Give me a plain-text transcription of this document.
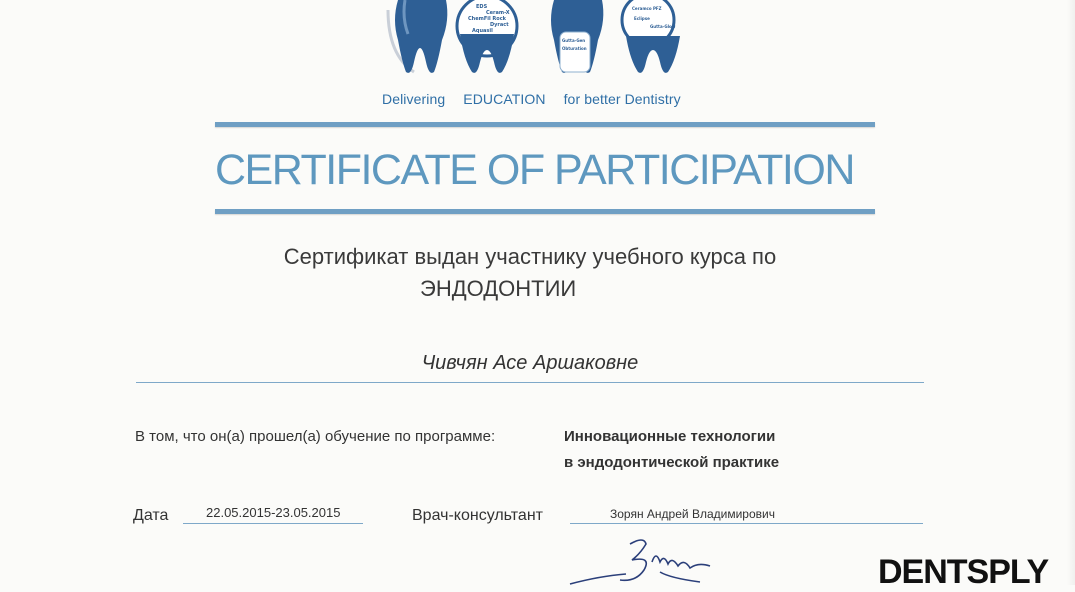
EDS
Ceram-X
ChemFil Rock
Aquasil
Dyract
Gutta-Gen
Obturation
Ceramco PFZ
Eclipse
Gutta-Glow
Delivering EDUCATION for better Dentistry
CERTIFICATE OF PARTICIPATION
Сертификат выдан участнику учебного курса по
ЭНДОДОНТИИ
Чивчян Асе Аршаковне
В том, что он(а) прошел(а) обучение по программе:	Инновационные технологии
в эндодонтической практике
Дата	22.05.2015-23.05.2015	Врач-консультант	Зорян Андрей Владимирович
DENTSPLY
